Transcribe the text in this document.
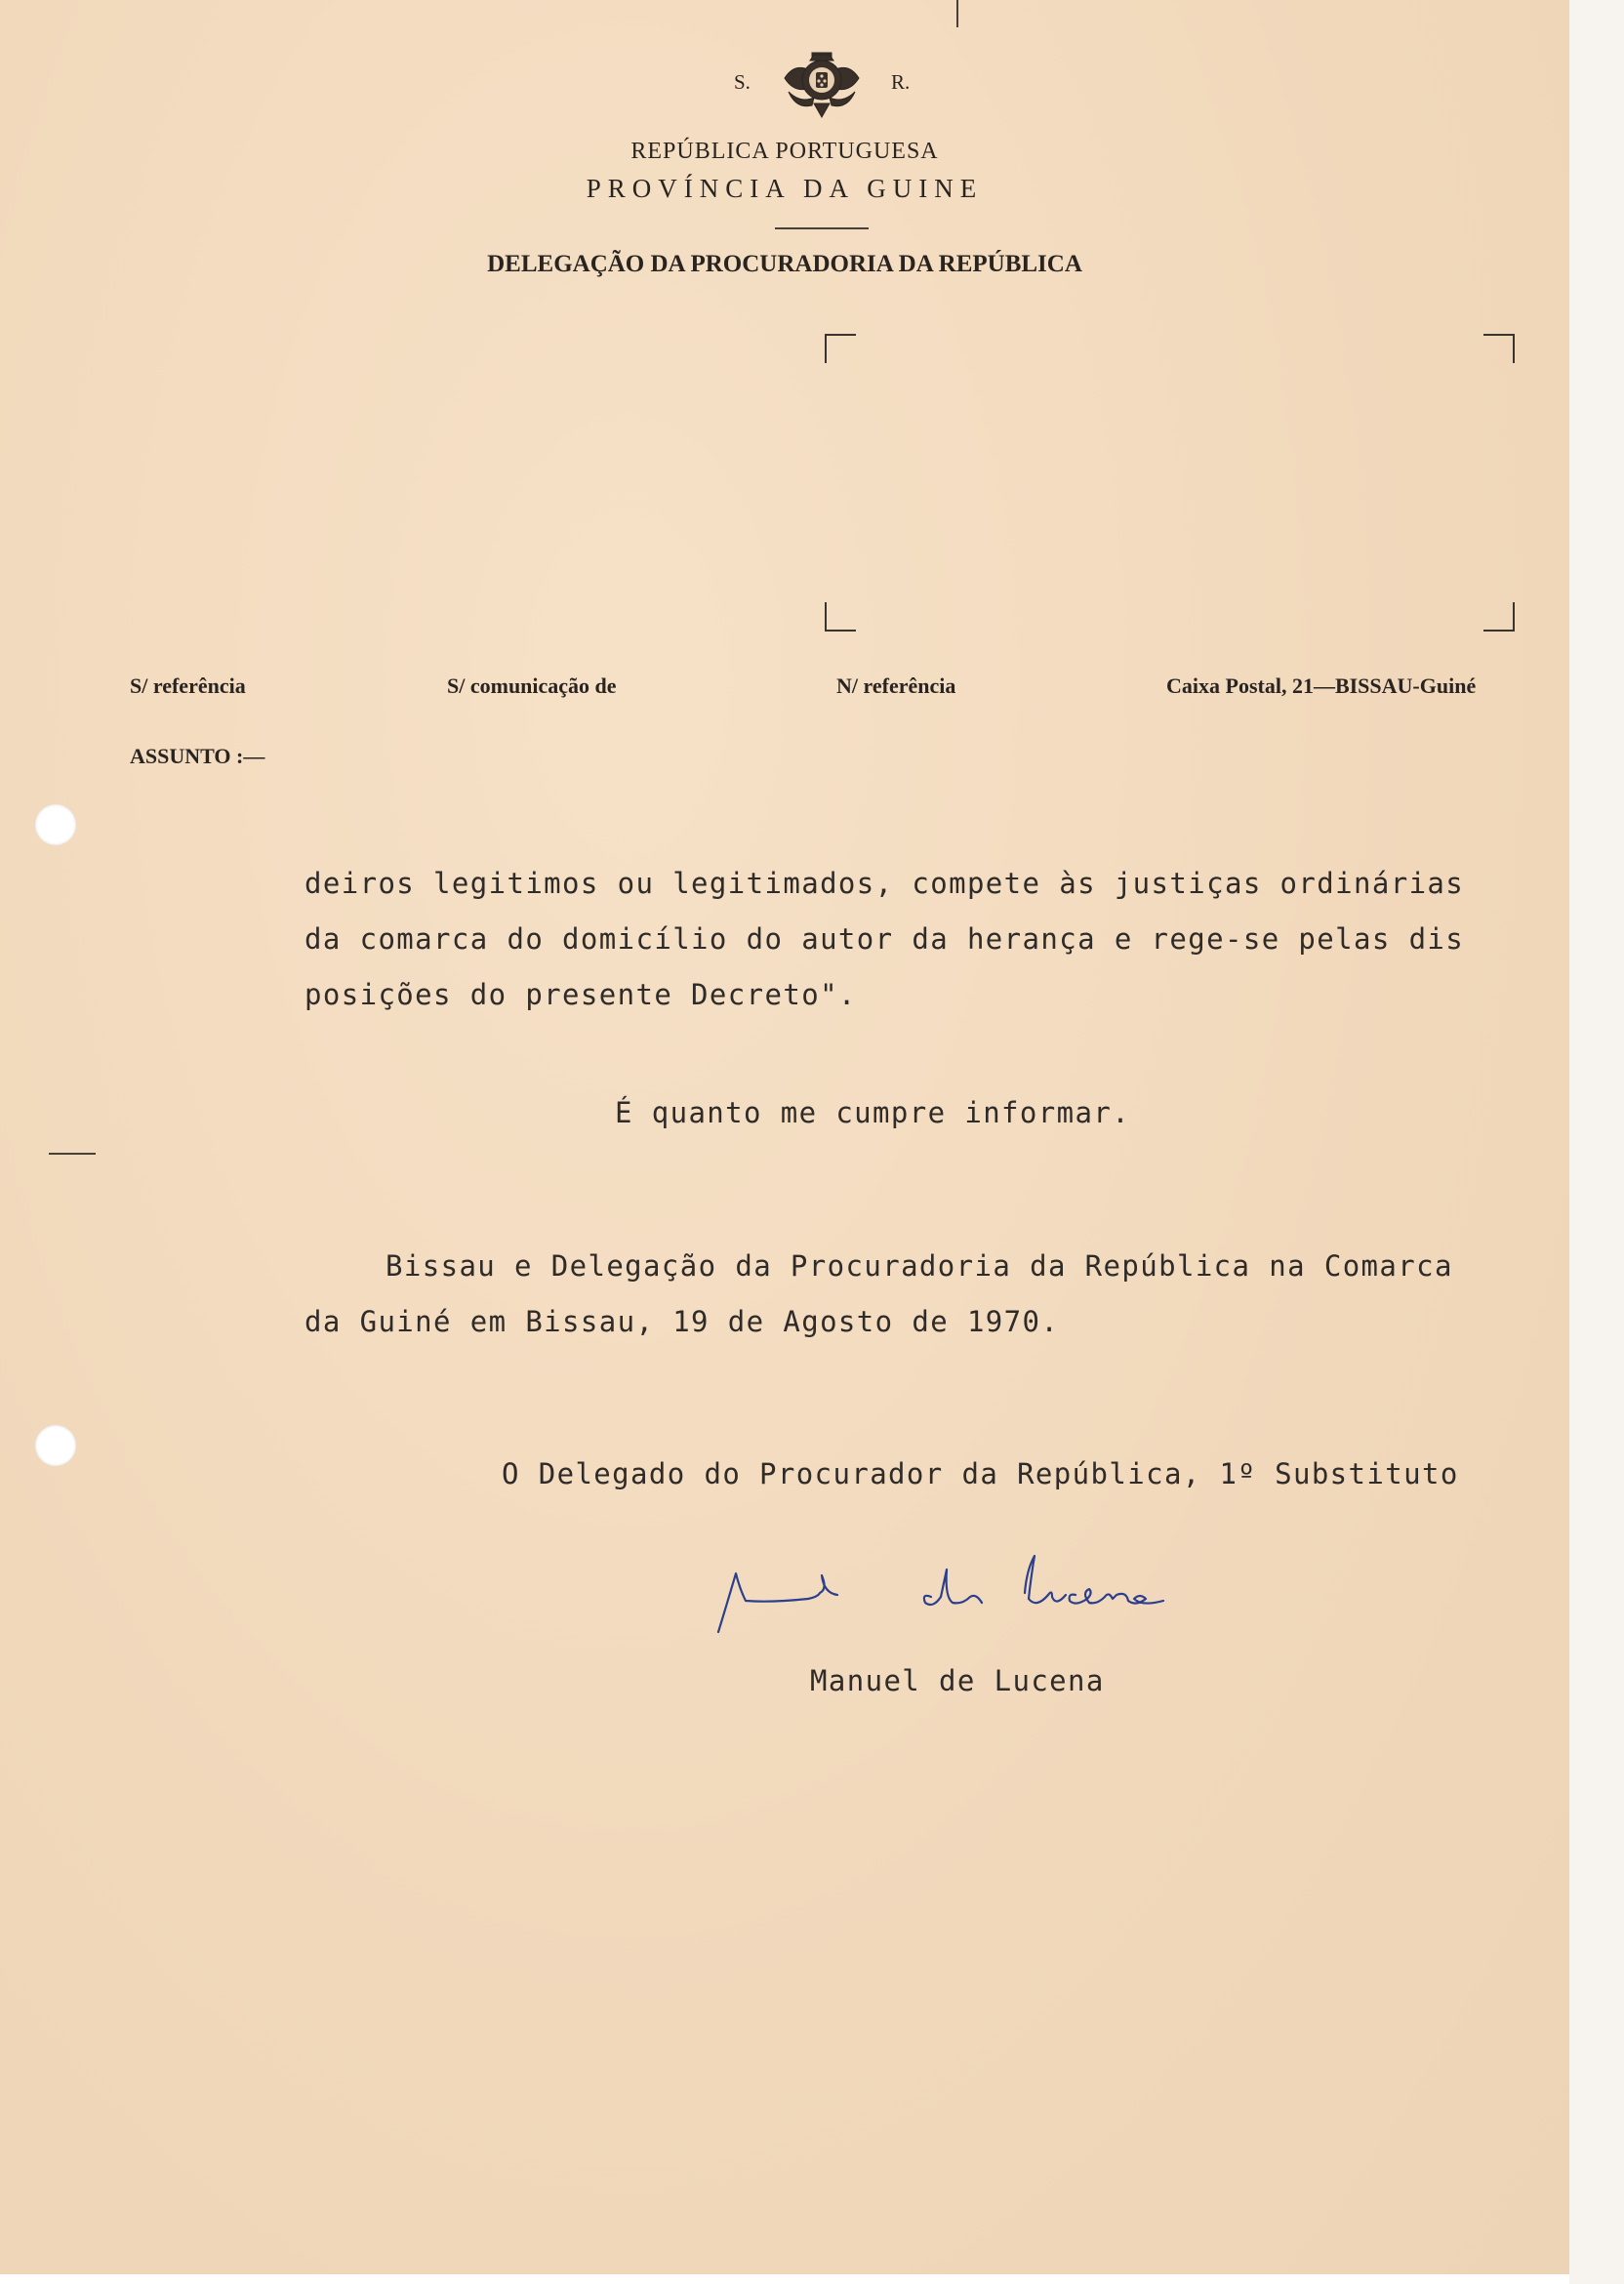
S.	R.
REPÚBLICA PORTUGUESA
PROVÍNCIA DA GUINE
DELEGAÇÃO DA PROCURADORIA DA REPÚBLICA
S/ referência	S/ comunicação de	N/ referência	Caixa Postal, 21—BISSAU-Guiné
ASSUNTO :—
deiros legitimos ou legitimados, compete às justiças ordinárias
da comarca do domicílio do autor da herança e rege-se pelas dis
posições do presente Decreto".
É quanto me cumpre informar.
Bissau e Delegação da Procuradoria da República na Comarca
da Guiné em Bissau, 19 de Agosto de 1970.
O Delegado do Procurador da República, 1º Substituto
Manuel de Lucena
